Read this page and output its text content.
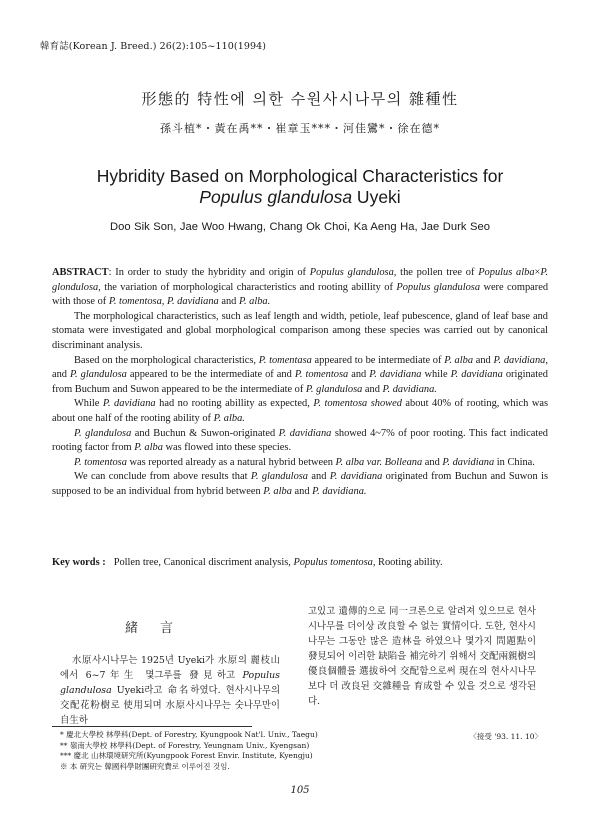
韓育誌(Korean J. Breed.) 26(2):105~110(1994)
形態的 特性에 의한 수원사시나무의 雜種性
孫斗植*・黃在禹**・崔章玉***・河佳鸞*・徐在德*
Hybridity Based on Morphological Characteristics for
Populus glandulosa Uyeki
Doo Sik Son, Jae Woo Hwang, Chang Ok Choi, Ka Aeng Ha, Jae Durk Seo

ABSTRACT: In order to study the hybridity and origin of Populus glandulosa, the pollen tree of Populus alba×P. glondulosa, the variation of morphological characteristics and rooting abillity of Populus glandulosa were compared with those of P. tomentosa, P. davidiana and P. alba.

The morphological characteristics, such as leaf length and width, petiole, leaf pubescence, gland of leaf base and stomata were investigated and global morphological comparison among these species was carried out by canonical discriminant analysis.

Based on the morphological characteristics, P. tomentasa appeared to be intermediate of P. alba and P. davidiana, and P. glandulosa appeared to be the intermediate of and P. tomentosa and P. davidiana while P. davidiana originated from Buchum and Suwon appeared to be the intermediate of P. glandulosa and P. davidiana.

While P. davidiana had no rooting abillity as expected, P. tomentosa showed about 40% of rooting, which was about one half of the rooting ability of P. alba.

P. glandulosa and Buchun & Suwon-originated P. davidiana showed 4~7% of poor rooting. This fact indicated rooting factor from P. alba was flowed into these species.

P. tomentosa was reported already as a natural hybrid between P. alba var. Bolleana and P. davidiana in China.

We can conclude from above results that P. glandulosa and P. davidiana originated from Buchun and Suwon is supposed to be an individual from hybrid between P. alba and P. davidiana.

Key words : Pollen tree, Canonical discriment analysis, Populus tomentosa, Rooting ability.
緒言

水原사시나무는 1925년 Uyeki가 水原의 麗枝山에서 6~7年生 몇그루를 發見하고 Populus glandulosa Uyeki라고 命名하였다. 현사시나무의 交配花粉樹로 使用되며 水原사시나무는 숫나무만이 自生하

고있고 遺傳的으로 同一크론으로 알려져 있으므로 현사시나무를 더이상 改良할 수 없는 實情이다. 도한, 현사시나무는 그동안 많은 造林을 하였으나 몇가지 問題點이 發見되어 이러한 缺陷을 補完하기 위해서 交配兩親樹의 優良個體를 選拔하여 交配함으로써 現在의 현사시나무보다 더 改良된 交雜種을 育成할 수 있을 것으로 생각된다.

* 慶北大學校 林學科(Dept. of Forestry, Kyungpook Nat'l. Univ., Taegu)
** 嶺南大學校 林學科(Dept. of Forestry, Yeungnam Univ., Kyengsan)
*** 慶北 山林環境研究所(Kyungpook Forest Envir. Institute, Kyengju)
※ 本 硏究는 韓國科學財團硏究費로 이루어진 것임.
〈接受 '93. 11. 10〉
105
